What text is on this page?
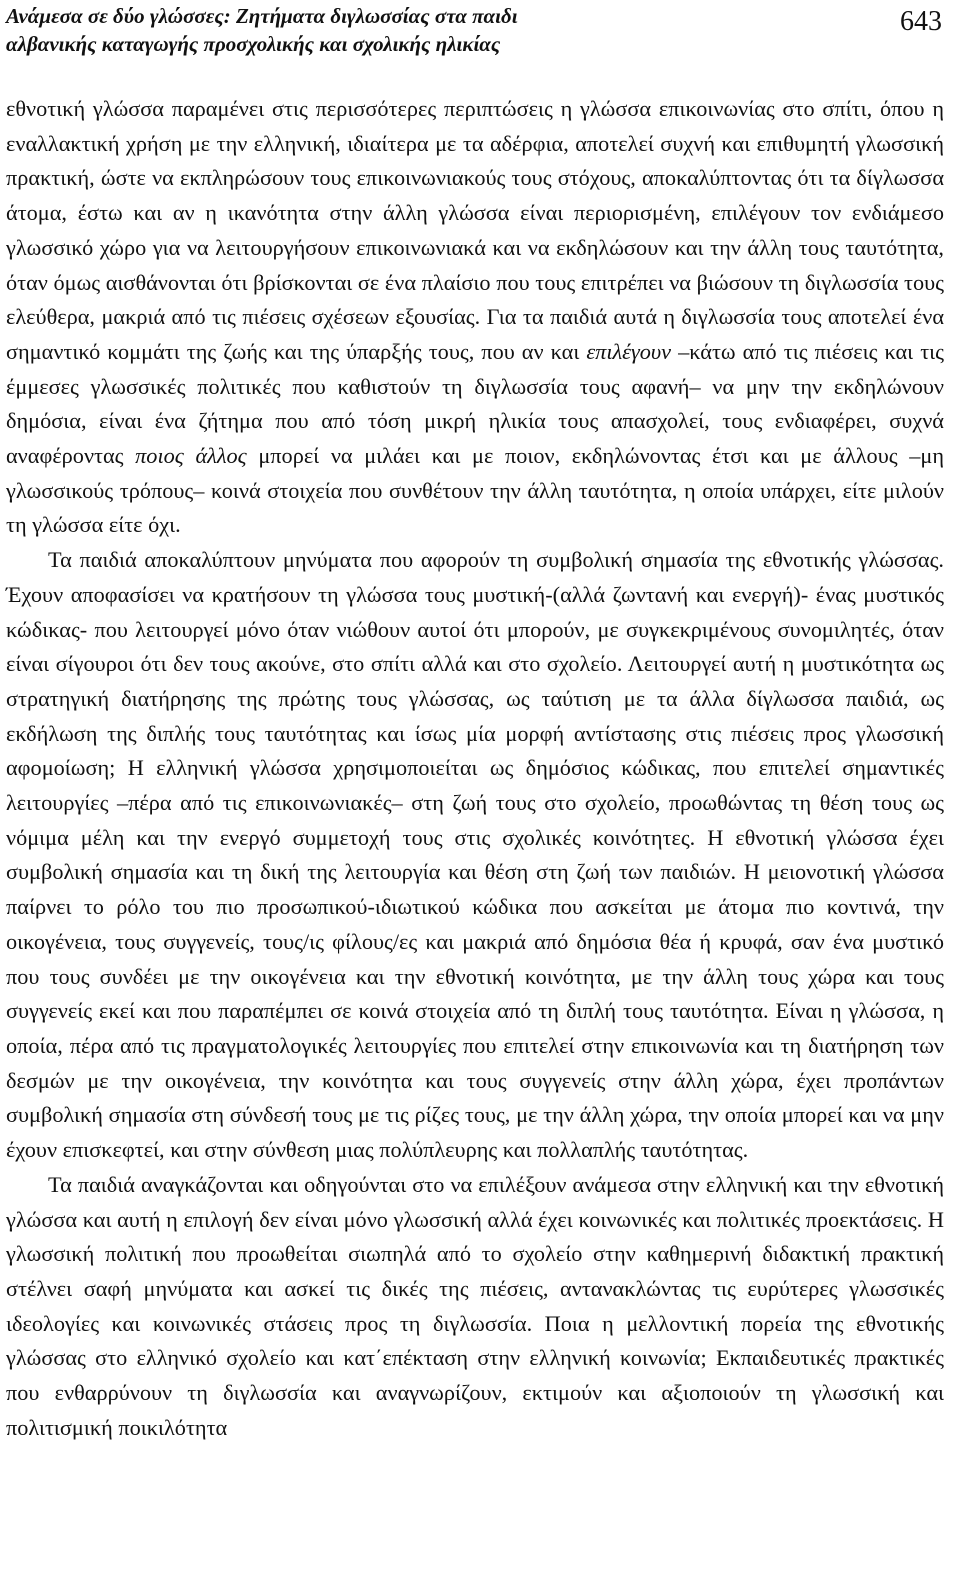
Ανάμεσα σε δύο γλώσσες: Ζητήματα διγλωσσίας στα παιδι
αλβανικής καταγωγής προσχολικής και σχολικής ηλικίας
643

εθνοτική γλώσσα παραμένει στις περισσότερες περιπτώσεις η γλώσσα επικοινωνίας στο σπίτι, όπου η εναλλακτική χρήση με την ελληνική, ιδιαίτερα με τα αδέρφια, αποτελεί συχνή και επιθυμητή γλωσσική πρακτική, ώστε να εκπληρώσουν τους επικοινωνιακούς τους στόχους, αποκαλύπτοντας ότι τα δίγλωσσα άτομα, έστω και αν η ικανότητα στην άλλη γλώσσα είναι περιορισμένη, επιλέγουν τον ενδιάμεσο γλωσσικό χώρο για να λειτουργήσουν επικοινωνιακά και να εκδηλώσουν και την άλλη τους ταυτότητα, όταν όμως αισθάνονται ότι βρίσκονται σε ένα πλαίσιο που τους επιτρέπει να βιώσουν τη διγλωσσία τους ελεύθερα, μακριά από τις πιέσεις σχέσεων εξουσίας. Για τα παιδιά αυτά η διγλωσσία τους αποτελεί ένα σημαντικό κομμάτι της ζωής και της ύπαρξής τους, που αν και επιλέγουν –κάτω από τις πιέσεις και τις έμμεσες γλωσσικές πολιτικές που καθιστούν τη διγλωσσία τους αφανή– να μην την εκδηλώνουν δημόσια, είναι ένα ζήτημα που από τόση μικρή ηλικία τους απασχολεί, τους ενδιαφέρει, συχνά αναφέροντας ποιος άλλος μπορεί να μιλάει και με ποιον, εκδηλώνοντας έτσι και με άλλους –μη γλωσσικούς τρόπους– κοινά στοιχεία που συνθέτουν την άλλη ταυτότητα, η οποία υπάρχει, είτε μιλούν τη γλώσσα είτε όχι.

Τα παιδιά αποκαλύπτουν μηνύματα που αφορούν τη συμβολική σημασία της εθνοτικής γλώσσας. Έχουν αποφασίσει να κρατήσουν τη γλώσσα τους μυστική-(αλλά ζωντανή και ενεργή)- ένας μυστικός κώδικας- που λειτουργεί μόνο όταν νιώθουν αυτοί ότι μπορούν, με συγκεκριμένους συνομιλητές, όταν είναι σίγουροι ότι δεν τους ακούνε, στο σπίτι αλλά και στο σχολείο. Λειτουργεί αυτή η μυστικότητα ως στρατηγική διατήρησης της πρώτης τους γλώσσας, ως ταύτιση με τα άλλα δίγλωσσα παιδιά, ως εκδήλωση της διπλής τους ταυτότητας και ίσως μία μορφή αντίστασης στις πιέσεις προς γλωσσική αφομοίωση; Η ελληνική γλώσσα χρησιμοποιείται ως δημόσιος κώδικας, που επιτελεί σημαντικές λειτουργίες –πέρα από τις επικοινωνιακές– στη ζωή τους στο σχολείο, προωθώντας τη θέση τους ως νόμιμα μέλη και την ενεργό συμμετοχή τους στις σχολικές κοινότητες. Η εθνοτική γλώσσα έχει συμβολική σημασία και τη δική της λειτουργία και θέση στη ζωή των παιδιών. Η μειονοτική γλώσσα παίρνει το ρόλο του πιο προσωπικού-ιδιωτικού κώδικα που ασκείται με άτομα πιο κοντινά, την οικογένεια, τους συγγενείς, τους/ις φίλους/ες και μακριά από δημόσια θέα ή κρυφά, σαν ένα μυστικό που τους συνδέει με την οικογένεια και την εθνοτική κοινότητα, με την άλλη τους χώρα και τους συγγενείς εκεί και που παραπέμπει σε κοινά στοιχεία από τη διπλή τους ταυτότητα. Είναι η γλώσσα, η οποία, πέρα από τις πραγματολογικές λειτουργίες που επιτελεί στην επικοινωνία και τη διατήρηση των δεσμών με την οικογένεια, την κοινότητα και τους συγγενείς στην άλλη χώρα, έχει προπάντων συμβολική σημασία στη σύνδεσή τους με τις ρίζες τους, με την άλλη χώρα, την οποία μπορεί και να μην έχουν επισκεφτεί, και στην σύνθεση μιας πολύπλευρης και πολλαπλής ταυτότητας.

Τα παιδιά αναγκάζονται και οδηγούνται στο να επιλέξουν ανάμεσα στην ελληνική και την εθνοτική γλώσσα και αυτή η επιλογή δεν είναι μόνο γλωσσική αλλά έχει κοινωνικές και πολιτικές προεκτάσεις. Η γλωσσική πολιτική που προωθείται σιωπηλά από το σχολείο στην καθημερινή διδακτική πρακτική στέλνει σαφή μηνύματα και ασκεί τις δικές της πιέσεις, αντανακλώντας τις ευρύτερες γλωσσικές ιδεολογίες και κοινωνικές στάσεις προς τη διγλωσσία. Ποια η μελλοντική πορεία της εθνοτικής γλώσσας στο ελληνικό σχολείο και κατ΄επέκταση στην ελληνική κοινωνία; Εκπαιδευτικές πρακτικές που ενθαρρύνουν τη διγλωσσία και αναγνωρίζουν, εκτιμούν και αξιοποιούν τη γλωσσική και πολιτισμική ποικιλότητα
